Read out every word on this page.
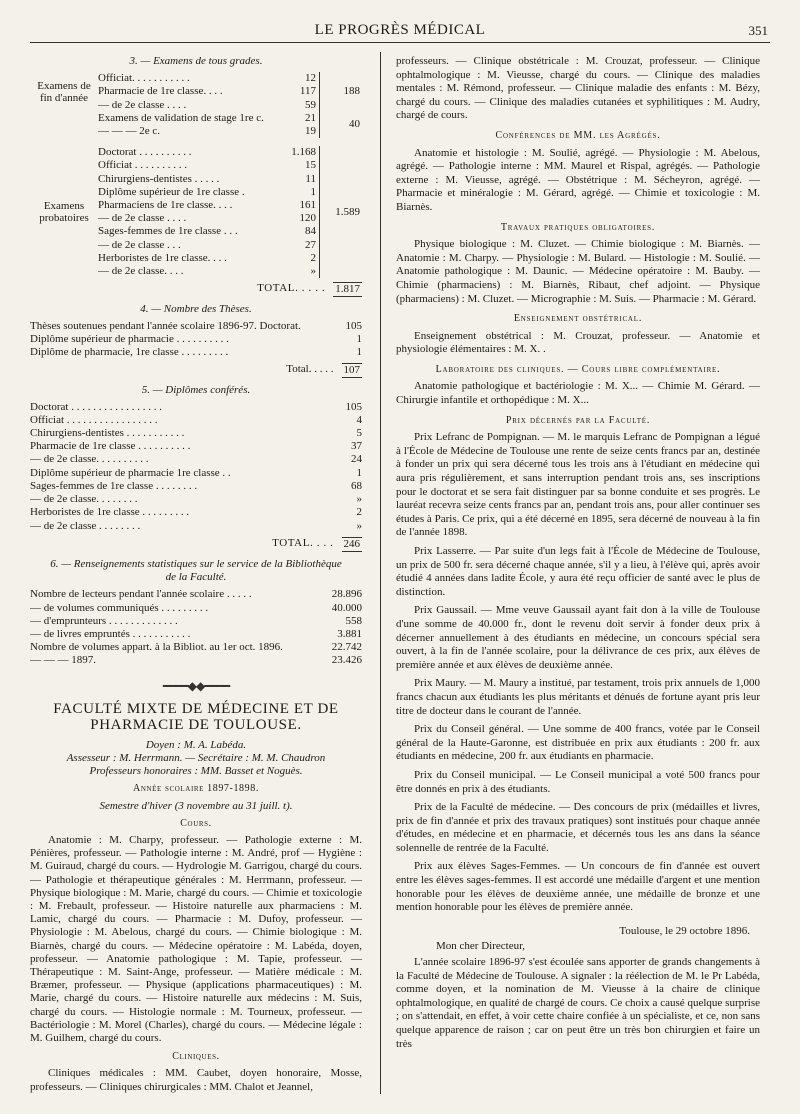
LE PROGRÈS MÉDICAL	351
3. — Examens de tous grades.
Examens de fin d'année
Officiat. . . . . . . . . . .	12
Pharmacie de 1re classe. . . .	117
— de 2e classe . . . .	59
188
Examens de validation de stage 1re c.	21
— — — 2e c.	19
40
Examens probatoires
Doctorat . . . . . . . . . .	1.168
Officiat . . . . . . . . . .	15
Chirurgiens-dentistes . . . . .	11
Diplôme supérieur de 1re classe .	1
Pharmaciens de 1re classe. . . .	161
— de 2e classe . . . .	120
Sages-femmes de 1re classe . . .	84
— de 2e classe . . .	27
Herboristes de 1re classe. . . .	2
— de 2e classe. . . .	»
1.589
TOTAL. . . . . 1.817
4. — Nombre des Thèses.
Thèses soutenues pendant l'année scolaire 1896-97. Doctorat.	105
Diplôme supérieur de pharmacie . . . . . . . . . .	1
Diplôme de pharmacie, 1re classe . . . . . . . . .	1
Total. . . . . 107
5. — Diplômes conférés.
Doctorat . . . . . . . . . . . . . . . . .	105
Officiat . . . . . . . . . . . . . . . . .	4
Chirurgiens-dentistes . . . . . . . . . . .	5
Pharmacie de 1re classe . . . . . . . . . .	37
— de 2e classe. . . . . . . . . .	24
Diplôme supérieur de pharmacie 1re classe . .	1
Sages-femmes de 1re classe . . . . . . . .	68
— de 2e classe. . . . . . . .	»
Herboristes de 1re classe . . . . . . . . .	2
— de 2e classe . . . . . . . .	»
TOTAL. . . . 246
6. — Renseignements statistiques sur le service de la Bibliothèque de la Faculté.
Nombre de lecteurs pendant l'année scolaire . . . . .	28.896
— de volumes communiqués . . . . . . . . .	40.000
— d'emprunteurs . . . . . . . . . . . . .	558
— de livres empruntés . . . . . . . . . . .	3.881
Nombre de volumes appart. à la Bibliot. au 1er oct. 1896.	22.742
— — — 1897.	23.426
━━━━◆◆━━━━
FACULTÉ MIXTE DE MÉDECINE ET DE PHARMACIE DE TOULOUSE.
Doyen : M. A. Labéda.
Assesseur : M. Herrmann. — Secrétaire : M. M. Chaudron
Professeurs honoraires : MM. Basset et Noguès.
Année scolaire 1897-1898.
Semestre d'hiver (3 novembre au 31 juill. t).
Cours.

Anatomie : M. Charpy, professeur. — Pathologie externe : M. Pénières, professeur. — Pathologie interne : M. André, prof — Hygiène : M. Guiraud, chargé du cours. — Hydrologie M. Garrigou, chargé du cours. — Pathologie et thérapeutique générales : M. Herrmann, professeur. — Physique biologique : M. Marie, chargé du cours. — Chimie et toxicologie : M. Frebault, professeur. — Histoire naturelle aux pharmaciens : M. Lamic, chargé du cours. — Pharmacie : M. Dufoy, professeur. — Physiologie : M. Abelous, chargé du cours. — Chimie biologique : M. Biarnès, chargé du cours. — Médecine opératoire : M. Labéda, doyen, professeur. — Anatomie pathologique : M. Tapie, professeur. — Thérapeutique : M. Saint-Ange, professeur. — Matière médicale : M. Bræmer, professeur. — Physique (applications pharmaceutiques) : M. Marie, chargé du cours. — Histoire naturelle aux médecins : M. Suis, chargé du cours. — Histologie normale : M. Tourneux, professeur. — Bactériologie : M. Morel (Charles), chargé du cours. — Médecine légale : M. Guilhem, chargé du cours.

Cliniques.

Cliniques médicales : MM. Caubet, doyen honoraire, Mosse, professeurs. — Cliniques chirurgicales : MM. Chalot et Jeannel,

professeurs. — Clinique obstétricale : M. Crouzat, professeur. — Clinique ophtalmologique : M. Vieusse, chargé du cours. — Clinique des maladies mentales : M. Rémond, professeur. — Clinique maladie des enfants : M. Bézy, chargé du cours. — Clinique des maladies cutanées et syphilitiques : M. Audry, chargé de cours.

Conférences de MM. les Agrégés.

Anatomie et histologie : M. Soulié, agrégé. — Physiologie : M. Abelous, agrégé. — Pathologie interne : MM. Maurel et Rispal, agrégés. — Pathologie externe : M. Vieusse, agrégé. — Obstétrique : M. Sécheyron, agrégé. — Pharmacie et minéralogie : M. Gérard, agrégé. — Chimie et toxicologie : M. Biarnès.

Travaux pratiques obligatoires.

Physique biologique : M. Cluzet. — Chimie biologique : M. Biarnès. — Anatomie : M. Charpy. — Physiologie : M. Bulard. — Histologie : M. Soulié. — Anatomie pathologique : M. Daunic. — Médecine opératoire : M. Bauby. — Chimie (pharmaciens) : M. Biarnès, Ribaut, chef adjoint. — Physique (pharmaciens) : M. Cluzet. — Micrographie : M. Suis. — Pharmacie : M. Gérard.

Enseignement obstétrical.

Enseignement obstétrical : M. Crouzat, professeur. — Anatomie et physiologie élémentaires : M. X. .

Laboratoire des cliniques. — Cours libre complémentaire.

Anatomie pathologique et bactériologie : M. X... — Chimie M. Gérard. — Chirurgie infantile et orthopédique : M. X...

Prix décernés par la Faculté.

Prix Lefranc de Pompignan. — M. le marquis Lefranc de Pompignan a légué à l'École de Médecine de Toulouse une rente de seize cents francs par an, destinée à fonder un prix qui sera décerné tous les trois ans à l'étudiant en médecine qui aura pris régulièrement, et sans interruption pendant trois ans, ses inscriptions pour le doctorat et se sera fait distinguer par sa bonne conduite et ses progrès. Le lauréat recevra seize cents francs par an, pendant trois ans, pour aller continuer ses études à Paris. Ce prix, qui a été décerné en 1895, sera décerné de nouveau à la fin de l'année 1898.

Prix Lasserre. — Par suite d'un legs fait à l'École de Médecine de Toulouse, un prix de 500 fr. sera décerné chaque année, s'il y a lieu, à l'élève qui, après avoir étudié 4 années dans ladite École, y aura été reçu officier de santé avec le plus de distinction.

Prix Gaussail. — Mme veuve Gaussail ayant fait don à la ville de Toulouse d'une somme de 40.000 fr., dont le revenu doit servir à fonder deux prix à décerner annuellement à des étudiants en médecine, un concours spécial sera ouvert, à la fin de l'année scolaire, pour la délivrance de ces prix, aux élèves de première année et aux élèves de deuxième année.

Prix Maury. — M. Maury a institué, par testament, trois prix annuels de 1,000 francs chacun aux étudiants les plus méritants et dénués de fortune ayant pris leur titre de docteur dans le courant de l'année.

Prix du Conseil général. — Une somme de 400 francs, votée par le Conseil général de la Haute-Garonne, est distribuée en prix aux étudiants : 200 fr. aux étudiants en médecine, 200 fr. aux étudiants en pharmacie.

Prix du Conseil municipal. — Le Conseil municipal a voté 500 francs pour être donnés en prix à des étudiants.

Prix de la Faculté de médecine. — Des concours de prix (médailles et livres, prix de fin d'année et prix des travaux pratiques) sont institués pour chaque année d'études, en médecine et en pharmacie, et décernés tous les ans dans la séance solennelle de rentrée de la Faculté.

Prix aux élèves Sages-Femmes. — Un concours de fin d'année est ouvert entre les élèves sages-femmes. Il est accordé une médaille d'argent et une mention honorable pour les élèves de deuxième année, une médaille de bronze et une mention honorable pour les élèves de première année.

Toulouse, le 29 octobre 1896.
Mon cher Directeur,

L'année scolaire 1896-97 s'est écoulée sans apporter de grands changements à la Faculté de Médecine de Toulouse. A signaler : la réélection de M. le Pr Labéda, comme doyen, et la nomination de M. Vieusse à la chaire de clinique ophtalmologique, en qualité de chargé de cours. Ce choix a causé quelque surprise ; on s'attendait, en effet, à voir cette chaire confiée à un spécialiste, et ce, non sans quelque apparence de raison ; car on peut être un très bon chirurgien et faire un très
